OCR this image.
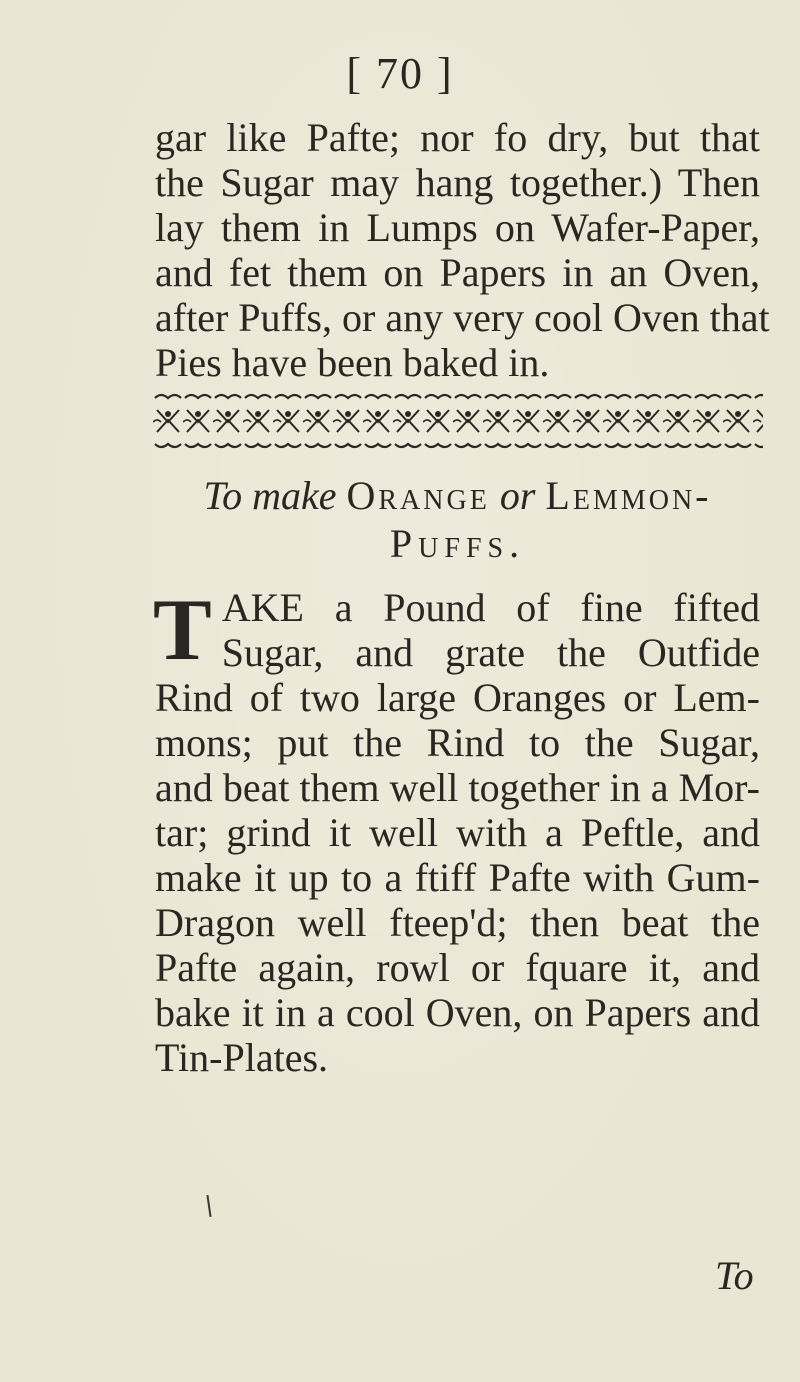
[ 70 ]
gar like Pafte; nor fo dry, but that
the Sugar may hang together.) Then
lay them in Lumps on Wafer-Paper,
and fet them on Papers in an Oven,
after Puffs, or any very cool Oven that
Pies have been baked in.
To make Orange or Lemmon-
Puffs.
T AKE a Pound of fine fifted
Sugar, and grate the Outfide
Rind of two large Oranges or Lem-
mons; put the Rind to the Sugar,
and beat them well together in a Mor-
tar; grind it well with a Peftle, and
make it up to a ftiff Pafte with Gum-
Dragon well fteep'd; then beat the
Pafte again, rowl or fquare it, and
bake it in a cool Oven, on Papers and
Tin-Plates.
To
